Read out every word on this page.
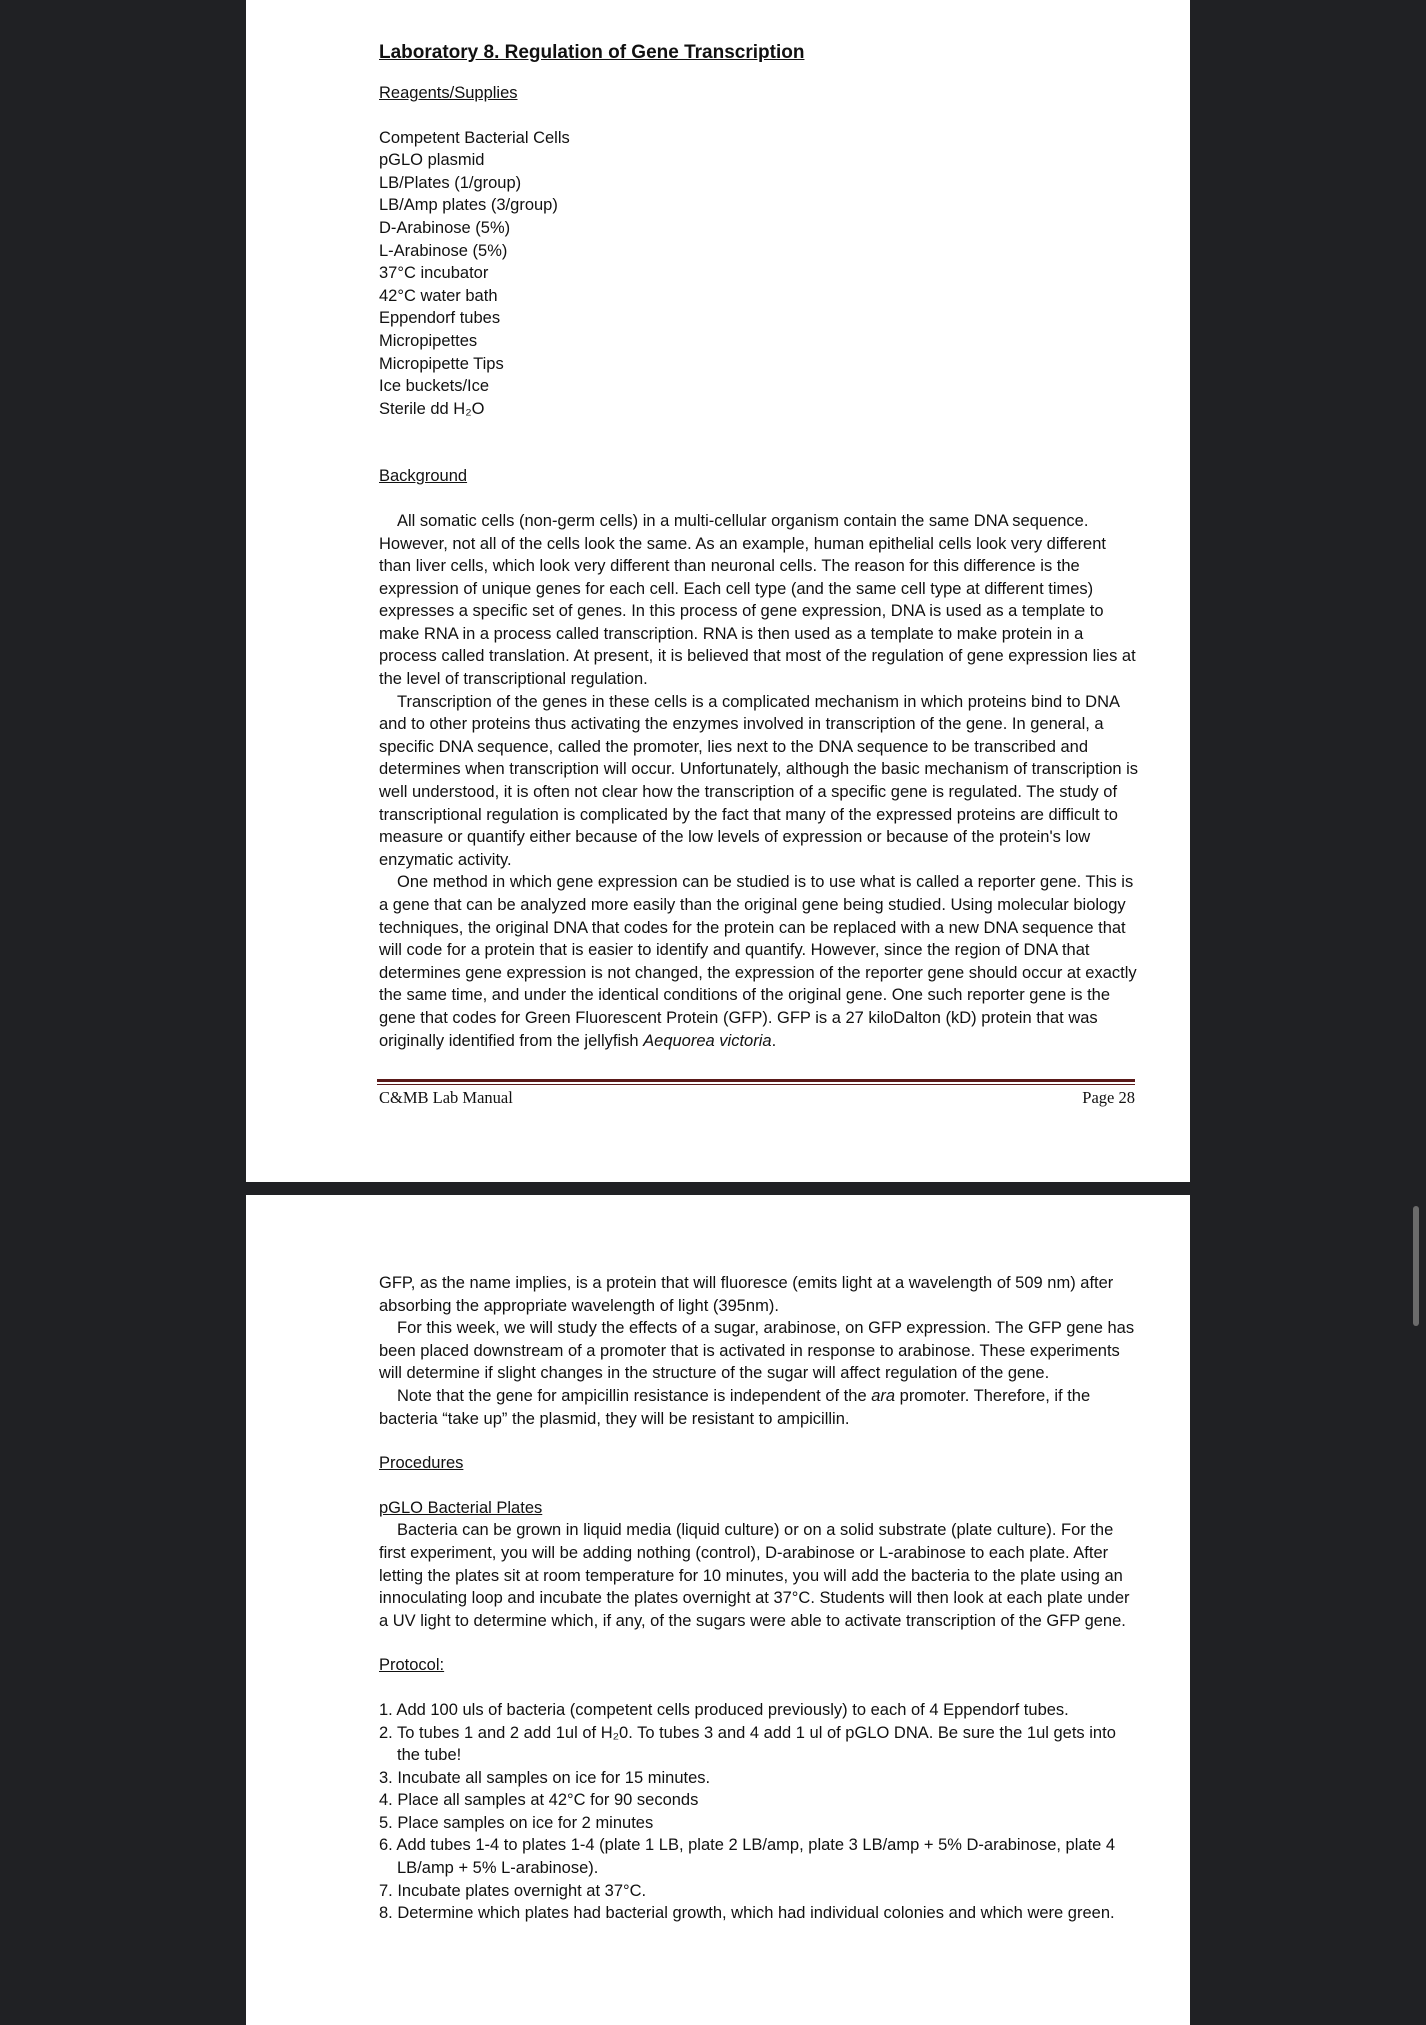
Laboratory 8. Regulation of Gene Transcription
Reagents/Supplies
Competent Bacterial Cells
pGLO plasmid
LB/Plates (1/group)
LB/Amp plates (3/group)
D-Arabinose (5%)
L-Arabinose (5%)
37°C incubator
42°C water bath
Eppendorf tubes
Micropipettes
Micropipette Tips
Ice buckets/Ice
Sterile dd H₂O
Background

All somatic cells (non-germ cells) in a multi-cellular organism contain the same DNA sequence. However, not all of the cells look the same. As an example, human epithelial cells look very different than liver cells, which look very different than neuronal cells. The reason for this difference is the expression of unique genes for each cell. Each cell type (and the same cell type at different times) expresses a specific set of genes. In this process of gene expression, DNA is used as a template to make RNA in a process called transcription. RNA is then used as a template to make protein in a process called translation. At present, it is believed that most of the regulation of gene expression lies at the level of transcriptional regulation.

Transcription of the genes in these cells is a complicated mechanism in which proteins bind to DNA and to other proteins thus activating the enzymes involved in transcription of the gene. In general, a specific DNA sequence, called the promoter, lies next to the DNA sequence to be transcribed and determines when transcription will occur. Unfortunately, although the basic mechanism of transcription is well understood, it is often not clear how the transcription of a specific gene is regulated. The study of transcriptional regulation is complicated by the fact that many of the expressed proteins are difficult to measure or quantify either because of the low levels of expression or because of the protein's low enzymatic activity.

One method in which gene expression can be studied is to use what is called a reporter gene. This is a gene that can be analyzed more easily than the original gene being studied. Using molecular biology techniques, the original DNA that codes for the protein can be replaced with a new DNA sequence that will code for a protein that is easier to identify and quantify. However, since the region of DNA that determines gene expression is not changed, the expression of the reporter gene should occur at exactly the same time, and under the identical conditions of the original gene. One such reporter gene is the gene that codes for Green Fluorescent Protein (GFP). GFP is a 27 kiloDalton (kD) protein that was originally identified from the jellyfish Aequorea victoria.

C&MB Lab Manual	Page 28

GFP, as the name implies, is a protein that will fluoresce (emits light at a wavelength of 509 nm) after absorbing the appropriate wavelength of light (395nm).

For this week, we will study the effects of a sugar, arabinose, on GFP expression. The GFP gene has been placed downstream of a promoter that is activated in response to arabinose. These experiments will determine if slight changes in the structure of the sugar will affect regulation of the gene.

Note that the gene for ampicillin resistance is independent of the ara promoter. Therefore, if the bacteria “take up” the plasmid, they will be resistant to ampicillin.

Procedures
pGLO Bacterial Plates

Bacteria can be grown in liquid media (liquid culture) or on a solid substrate (plate culture). For the first experiment, you will be adding nothing (control), D-arabinose or L-arabinose to each plate. After letting the plates sit at room temperature for 10 minutes, you will add the bacteria to the plate using an innoculating loop and incubate the plates overnight at 37°C. Students will then look at each plate under a UV light to determine which, if any, of the sugars were able to activate transcription of the GFP gene.

Protocol:
1. Add 100 uls of bacteria (competent cells produced previously) to each of 4 Eppendorf tubes.
2. To tubes 1 and 2 add 1ul of H₂0. To tubes 3 and 4 add 1 ul of pGLO DNA. Be sure the 1ul gets into the tube!
3. Incubate all samples on ice for 15 minutes.
4. Place all samples at 42°C for 90 seconds
5. Place samples on ice for 2 minutes
6. Add tubes 1-4 to plates 1-4 (plate 1 LB, plate 2 LB/amp, plate 3 LB/amp + 5% D-arabinose, plate 4 LB/amp + 5% L-arabinose).
7. Incubate plates overnight at 37°C.
8. Determine which plates had bacterial growth, which had individual colonies and which were green.
